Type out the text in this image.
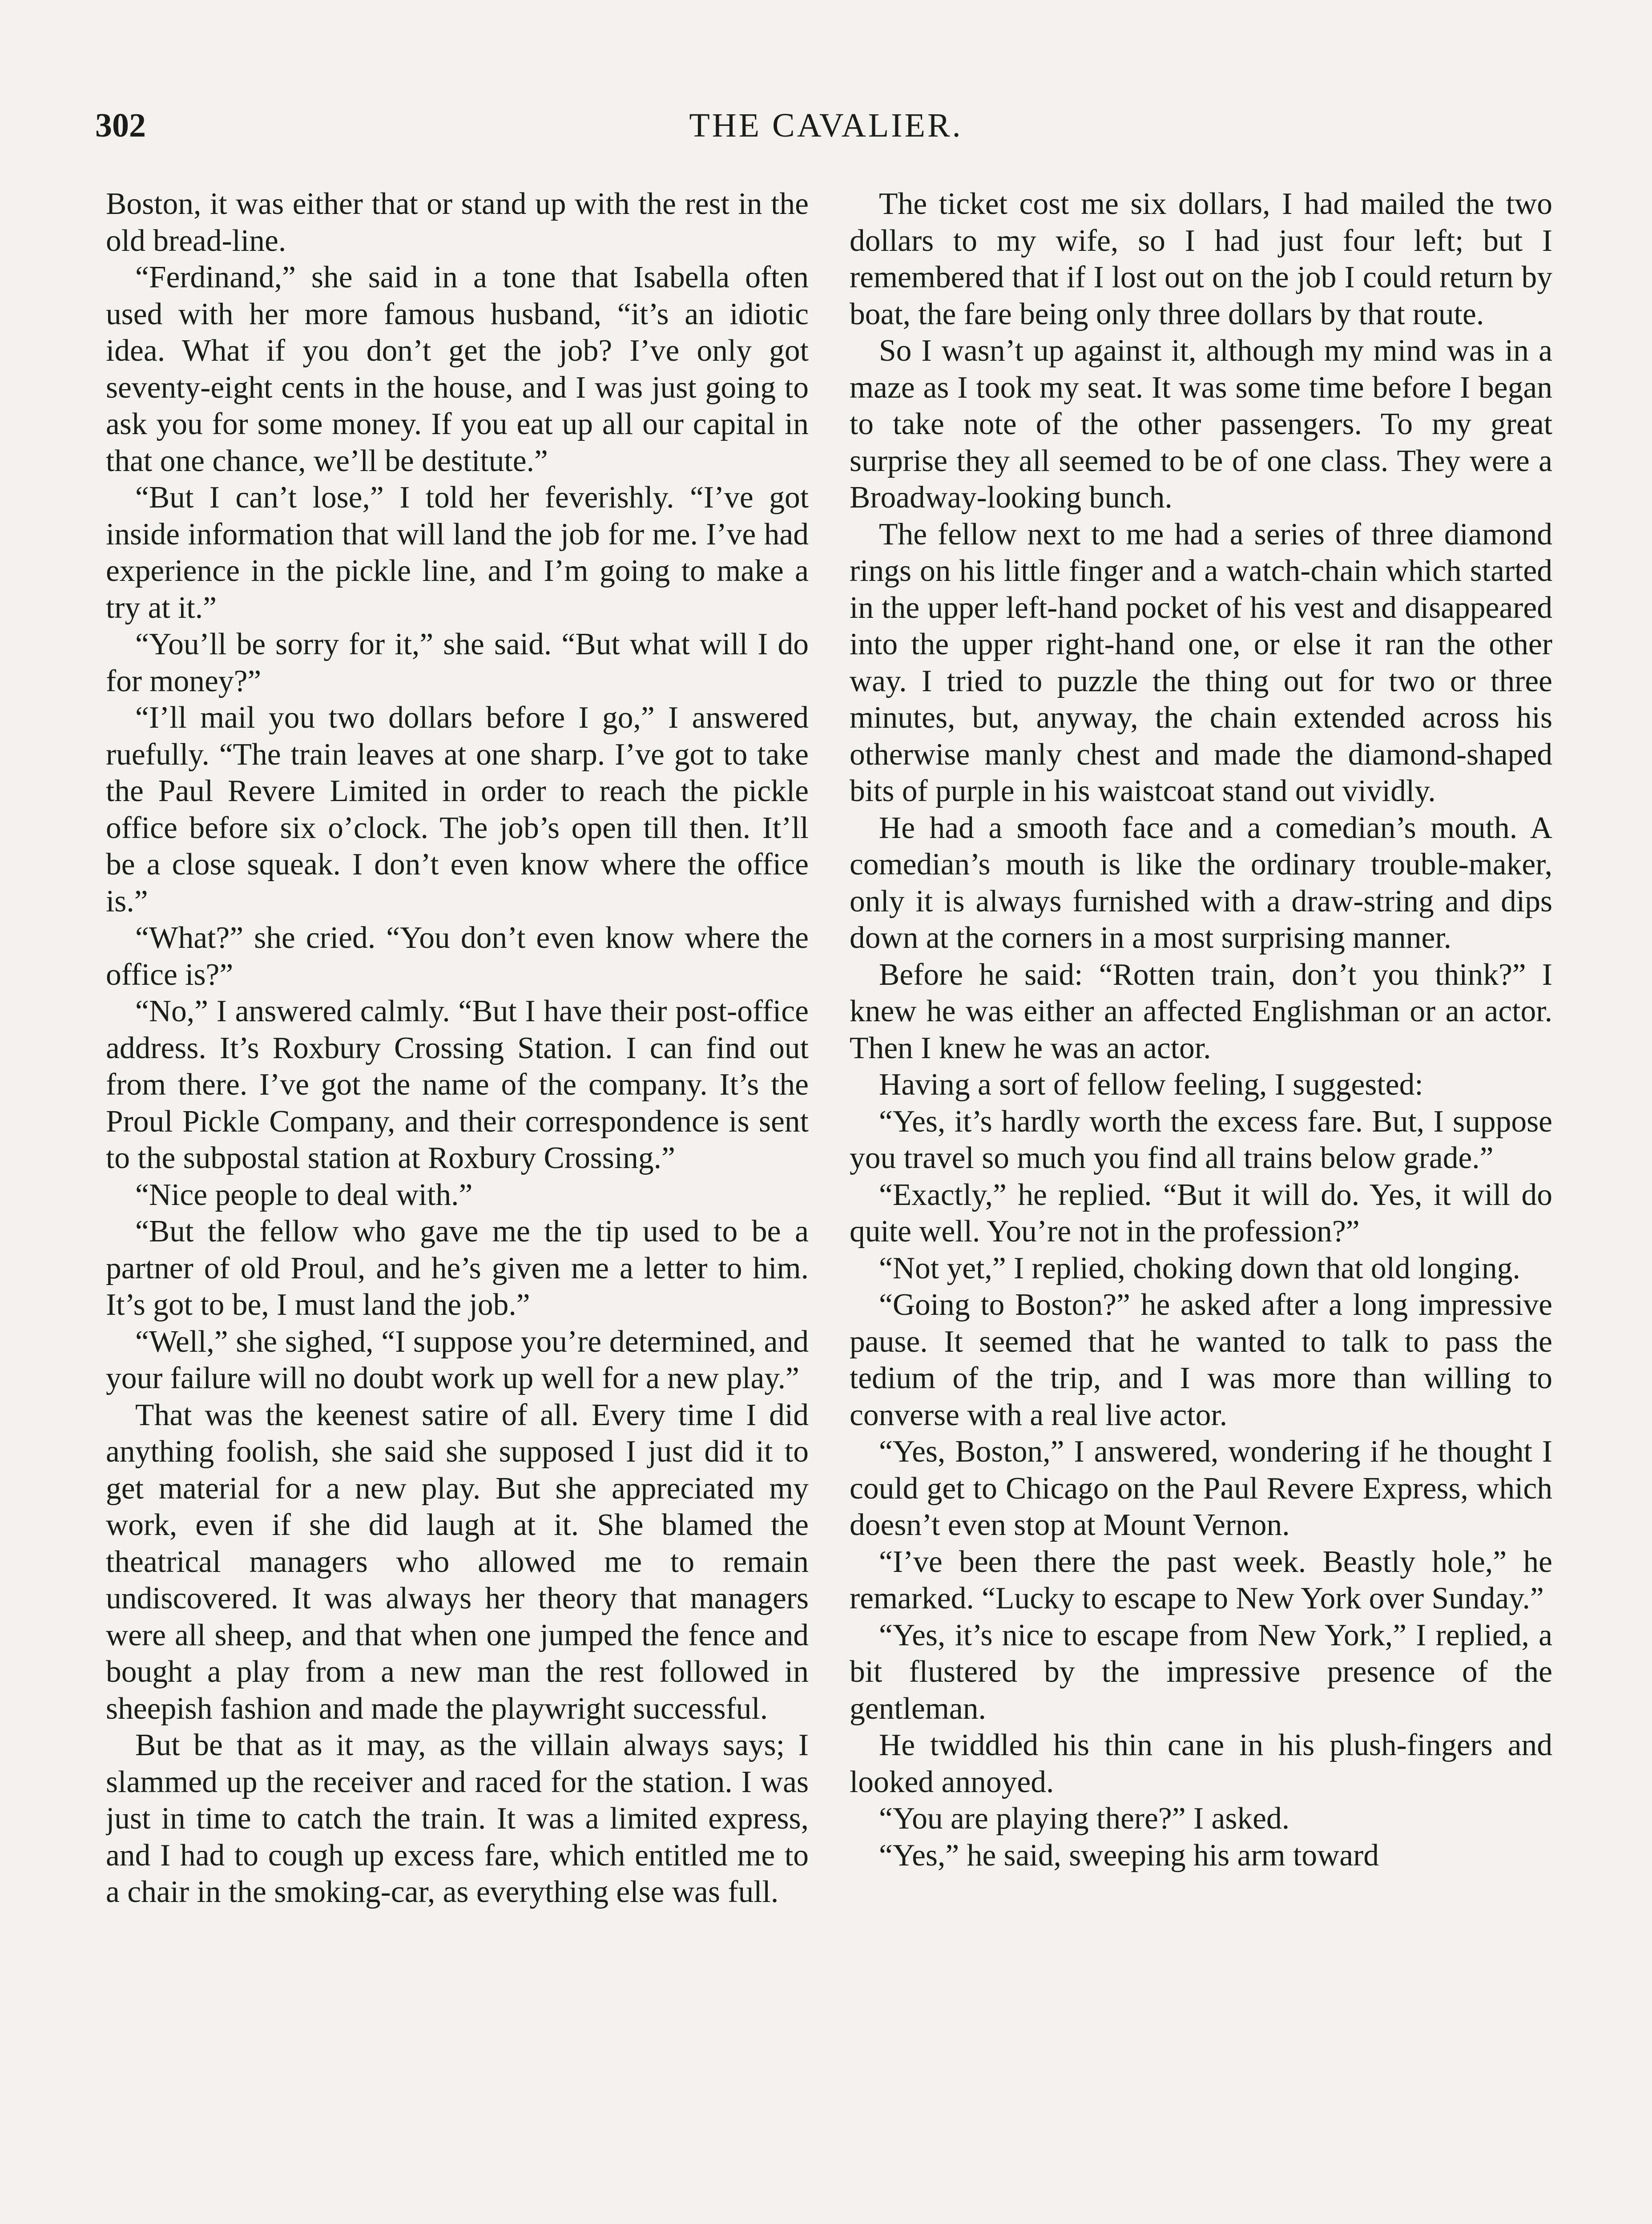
302	THE CAVALIER.

Boston, it was either that or stand up with the rest in the old bread-line.

“Ferdinand,” she said in a tone that Isabella often used with her more famous husband, “it’s an idiotic idea. What if you don’t get the job? I’ve only got seventy-eight cents in the house, and I was just going to ask you for some money. If you eat up all our capital in that one chance, we’ll be destitute.”

“But I can’t lose,” I told her feverishly. “I’ve got inside information that will land the job for me. I’ve had experience in the pickle line, and I’m going to make a try at it.”

“You’ll be sorry for it,” she said. “But what will I do for money?”

“I’ll mail you two dollars before I go,” I answered ruefully. “The train leaves at one sharp. I’ve got to take the Paul Revere Limited in order to reach the pickle office before six o’clock. The job’s open till then. It’ll be a close squeak. I don’t even know where the office is.”

“What?” she cried. “You don’t even know where the office is?”

“No,” I answered calmly. “But I have their post-office address. It’s Roxbury Crossing Station. I can find out from there. I’ve got the name of the company. It’s the Proul Pickle Company, and their correspondence is sent to the subpostal station at Roxbury Crossing.”

“Nice people to deal with.”

“But the fellow who gave me the tip used to be a partner of old Proul, and he’s given me a letter to him. It’s got to be, I must land the job.”

“Well,” she sighed, “I suppose you’re determined, and your failure will no doubt work up well for a new play.”

That was the keenest satire of all. Every time I did anything foolish, she said she supposed I just did it to get material for a new play. But she appreciated my work, even if she did laugh at it. She blamed the theatrical managers who allowed me to remain undiscovered. It was always her theory that managers were all sheep, and that when one jumped the fence and bought a play from a new man the rest followed in sheepish fashion and made the playwright successful.

But be that as it may, as the villain always says; I slammed up the receiver and raced for the station. I was just in time to catch the train. It was a limited express, and I had to cough up excess fare, which entitled me to a chair in the smoking-car, as everything else was full.

The ticket cost me six dollars, I had mailed the two dollars to my wife, so I had just four left; but I remembered that if I lost out on the job I could return by boat, the fare being only three dollars by that route.

So I wasn’t up against it, although my mind was in a maze as I took my seat. It was some time before I began to take note of the other passengers. To my great surprise they all seemed to be of one class. They were a Broadway-looking bunch.

The fellow next to me had a series of three diamond rings on his little finger and a watch-chain which started in the upper left-hand pocket of his vest and disappeared into the upper right-hand one, or else it ran the other way. I tried to puzzle the thing out for two or three minutes, but, anyway, the chain extended across his otherwise manly chest and made the diamond-shaped bits of purple in his waistcoat stand out vividly.

He had a smooth face and a comedian’s mouth. A comedian’s mouth is like the ordinary trouble-maker, only it is always furnished with a draw-string and dips down at the corners in a most surprising manner.

Before he said: “Rotten train, don’t you think?” I knew he was either an affected Englishman or an actor. Then I knew he was an actor.

Having a sort of fellow feeling, I suggested:

“Yes, it’s hardly worth the excess fare. But, I suppose you travel so much you find all trains below grade.”

“Exactly,” he replied. “But it will do. Yes, it will do quite well. You’re not in the profession?”

“Not yet,” I replied, choking down that old longing.

“Going to Boston?” he asked after a long impressive pause. It seemed that he wanted to talk to pass the tedium of the trip, and I was more than willing to converse with a real live actor.

“Yes, Boston,” I answered, wondering if he thought I could get to Chicago on the Paul Revere Express, which doesn’t even stop at Mount Vernon.

“I’ve been there the past week. Beastly hole,” he remarked. “Lucky to escape to New York over Sunday.”

“Yes, it’s nice to escape from New York,” I replied, a bit flustered by the impressive presence of the gentleman.

He twiddled his thin cane in his plush-fingers and looked annoyed.

“You are playing there?” I asked.

“Yes,” he said, sweeping his arm toward
